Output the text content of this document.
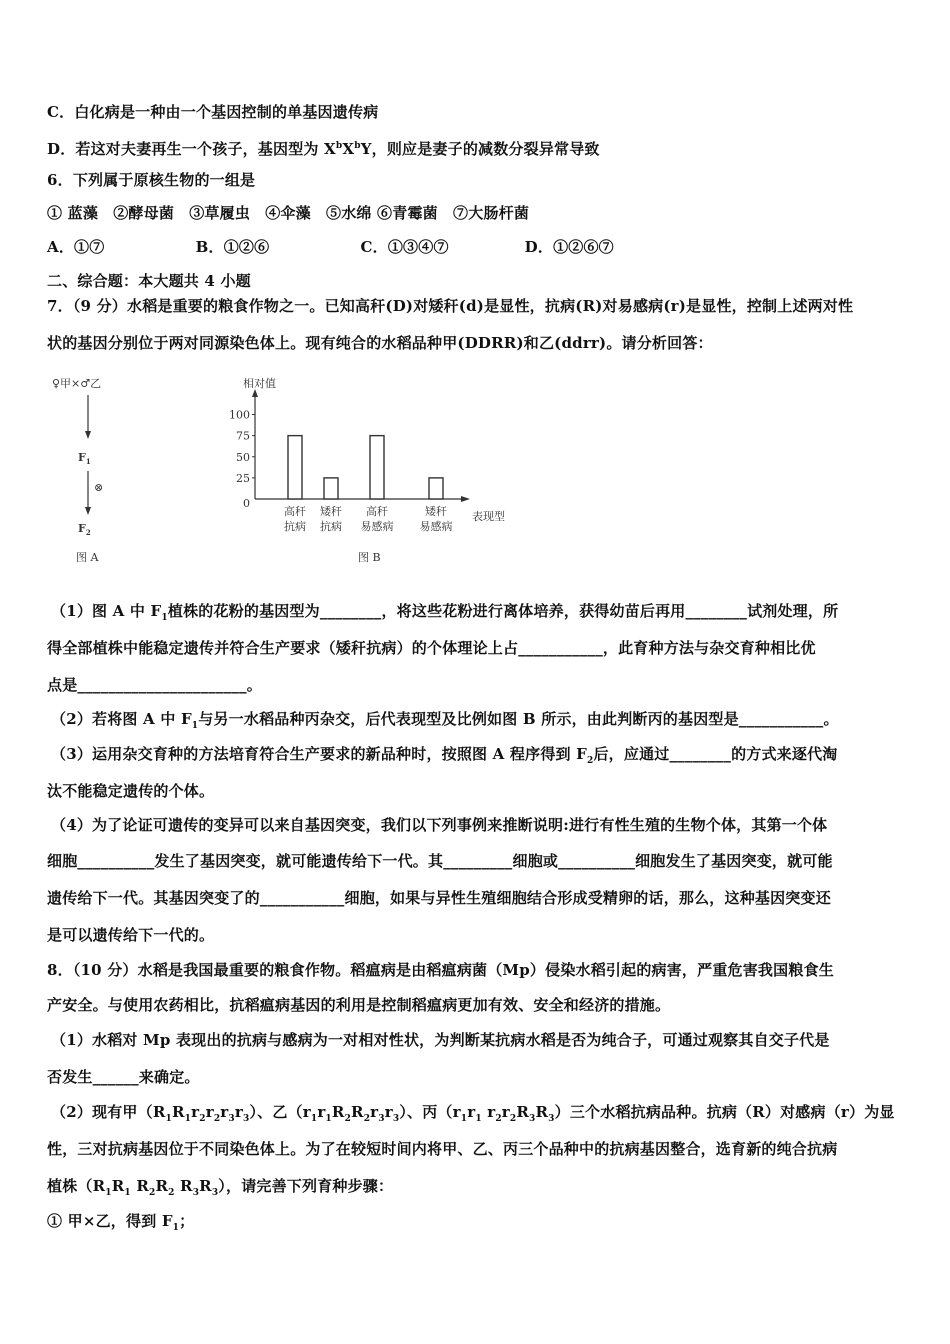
C．白化病是一种由一个基因控制的单基因遗传病
D．若这对夫妻再生一个孩子，基因型为 $X^bX^bY$，则应是妻子的减数分裂异常导致
6．下列属于原核生物的一组是
① 蓝藻　②酵母菌　③草履虫　④伞藻　⑤水绵 ⑥青霉菌　⑦大肠杆菌
A．①⑦　　　　　　B．①②⑥　　　　　　C．①③④⑦　　　　　D．①②⑥⑦
二、综合题：本大题共 4 小题
7．（9 分）水稻是重要的粮食作物之一。已知高秆(D)对矮秆(d)是显性，抗病(R)对易感病(r)是显性，控制上述两对性
状的基因分别位于两对同源染色体上。现有纯合的水稻品种甲(DDRR)和乙(ddrr)。请分析回答：
（1）图 A 中 $F_1$植株的花粉的基因型为________，将这些花粉进行离体培养，获得幼苗后再用________试剂处理，所
得全部植株中能稳定遗传并符合生产要求（矮秆抗病）的个体理论上占___________，此育种方法与杂交育种相比优
点是______________________。
（2）若将图 A 中 $F_1$与另一水稻品种丙杂交，后代表现型及比例如图 B 所示，由此判断丙的基因型是___________。
（3）运用杂交育种的方法培育符合生产要求的新品种时，按照图 A 程序得到 $F_2$后，应通过________的方式来逐代淘
汰不能稳定遗传的个体。
（4）为了论证可遗传的变异可以来自基因突变，我们以下列事例来推断说明:进行有性生殖的生物个体，其第一个体
细胞__________发生了基因突变，就可能遗传给下一代。其_________细胞或__________细胞发生了基因突变，就可能
遗传给下一代。其基因突变了的___________细胞，如果与异性生殖细胞结合形成受精卵的话，那么，这种基因突变还
是可以遗传给下一代的。
8．（10 分）水稻是我国最重要的粮食作物。稻瘟病是由稻瘟病菌（Mp）侵染水稻引起的病害，严重危害我国粮食生
产安全。与使用农药相比，抗稻瘟病基因的利用是控制稻瘟病更加有效、安全和经济的措施。
（1）水稻对 Mp 表现出的抗病与感病为一对相对性状，为判断某抗病水稻是否为纯合子，可通过观察其自交子代是
否发生______来确定。
（2）现有甲$(R_1R_1r_2r_2r_3r_3)$、乙$(r_1r_1R_2R_2r_3r_3)$、丙（$r_1r_1$ $r_2r_2R_3R_3$）三个水稻抗病品种。抗病（R）对感病（r）为显
性，三对抗病基因位于不同染色体上。为了在较短时间内将甲、乙、丙三个品种中的抗病基因整合，选育新的纯合抗病
植株（$R_1R_1$ $R_2R_2$ $R_3R_3$），请完善下列育种步骤：
① 甲×乙，得到 $F_1$；
♀甲×♂乙
$F_1$
⊗
$F_2$
图 A
相对值
表现型
图 B
0
25
50
75
100
高秆
抗病
矮秆
抗病
高秆
易感病
矮秆
易感病
